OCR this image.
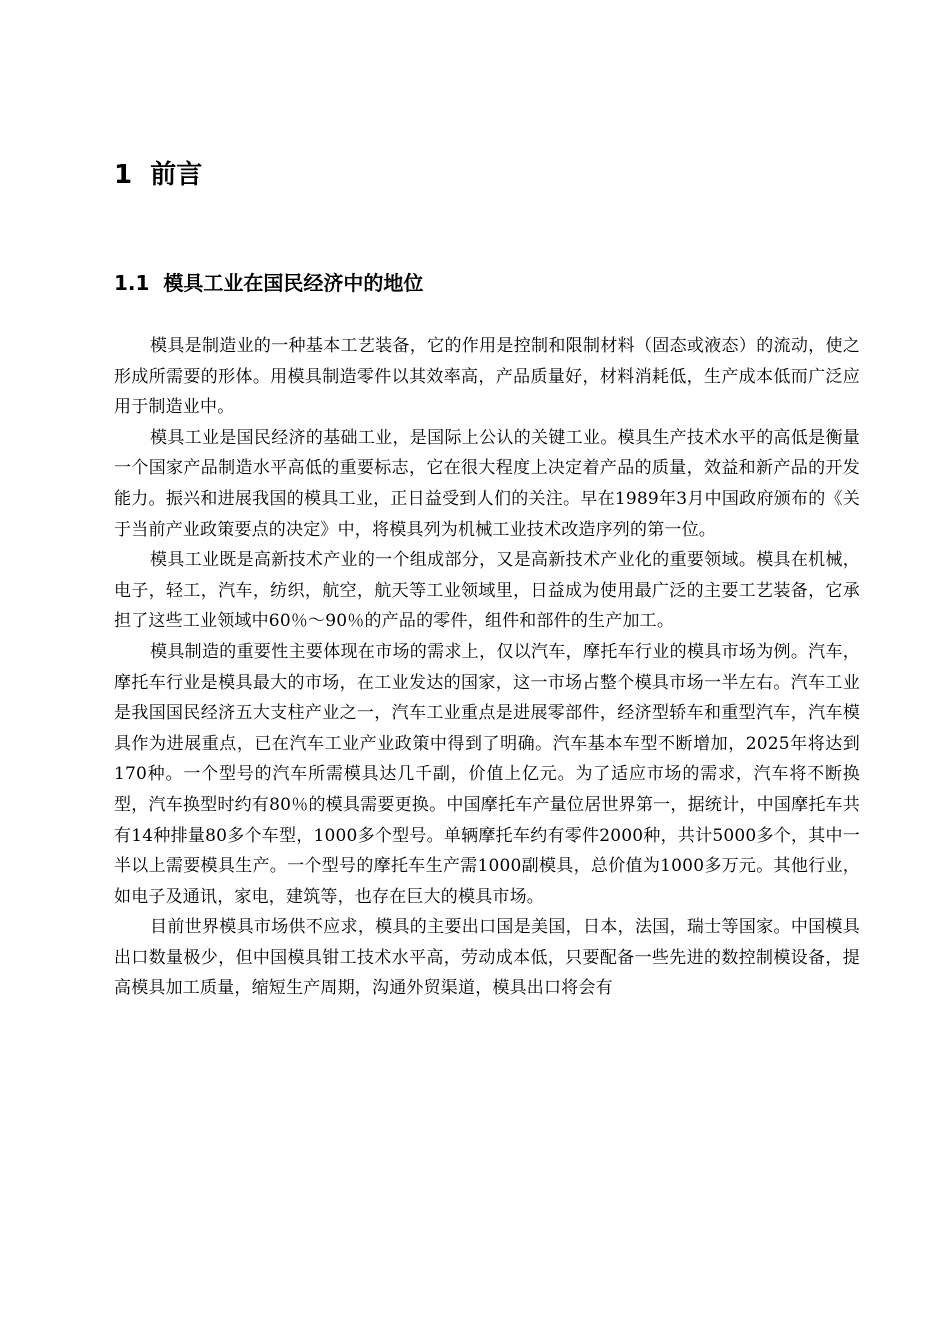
1 前言
1.1 模具工业在国民经济中的地位

模具是制造业的一种基本工艺装备，它的作用是控制和限制材料（固态或液态）的流动，使之形成所需要的形体。用模具制造零件以其效率高，产品质量好，材料消耗低，生产成本低而广泛应用于制造业中。

模具工业是国民经济的基础工业，是国际上公认的关键工业。模具生产技术水平的高低是衡量一个国家产品制造水平高低的重要标志，它在很大程度上决定着产品的质量，效益和新产品的开发能力。振兴和进展我国的模具工业，正日益受到人们的关注。早在1989年3月中国政府颁布的《关于当前产业政策要点的决定》中，将模具列为机械工业技术改造序列的第一位。

模具工业既是高新技术产业的一个组成部分，又是高新技术产业化的重要领域。模具在机械，电子，轻工，汽车，纺织，航空，航天等工业领域里，日益成为使用最广泛的主要工艺装备，它承担了这些工业领域中60％～90％的产品的零件，组件和部件的生产加工。

模具制造的重要性主要体现在市场的需求上，仅以汽车，摩托车行业的模具市场为例。汽车，摩托车行业是模具最大的市场，在工业发达的国家，这一市场占整个模具市场一半左右。汽车工业是我国国民经济五大支柱产业之一，汽车工业重点是进展零部件，经济型轿车和重型汽车，汽车模具作为进展重点，已在汽车工业产业政策中得到了明确。汽车基本车型不断增加，2025年将达到170种。一个型号的汽车所需模具达几千副，价值上亿元。为了适应市场的需求，汽车将不断换型，汽车换型时约有80％的模具需要更换。中国摩托车产量位居世界第一，据统计，中国摩托车共有14种排量80多个车型，1000多个型号。单辆摩托车约有零件2000种，共计5000多个，其中一半以上需要模具生产。一个型号的摩托车生产需1000副模具，总价值为1000多万元。其他行业，如电子及通讯，家电，建筑等，也存在巨大的模具市场。

目前世界模具市场供不应求，模具的主要出口国是美国，日本，法国，瑞士等国家。中国模具出口数量极少，但中国模具钳工技术水平高，劳动成本低，只要配备一些先进的数控制模设备，提高模具加工质量，缩短生产周期，沟通外贸渠道，模具出口将会有
